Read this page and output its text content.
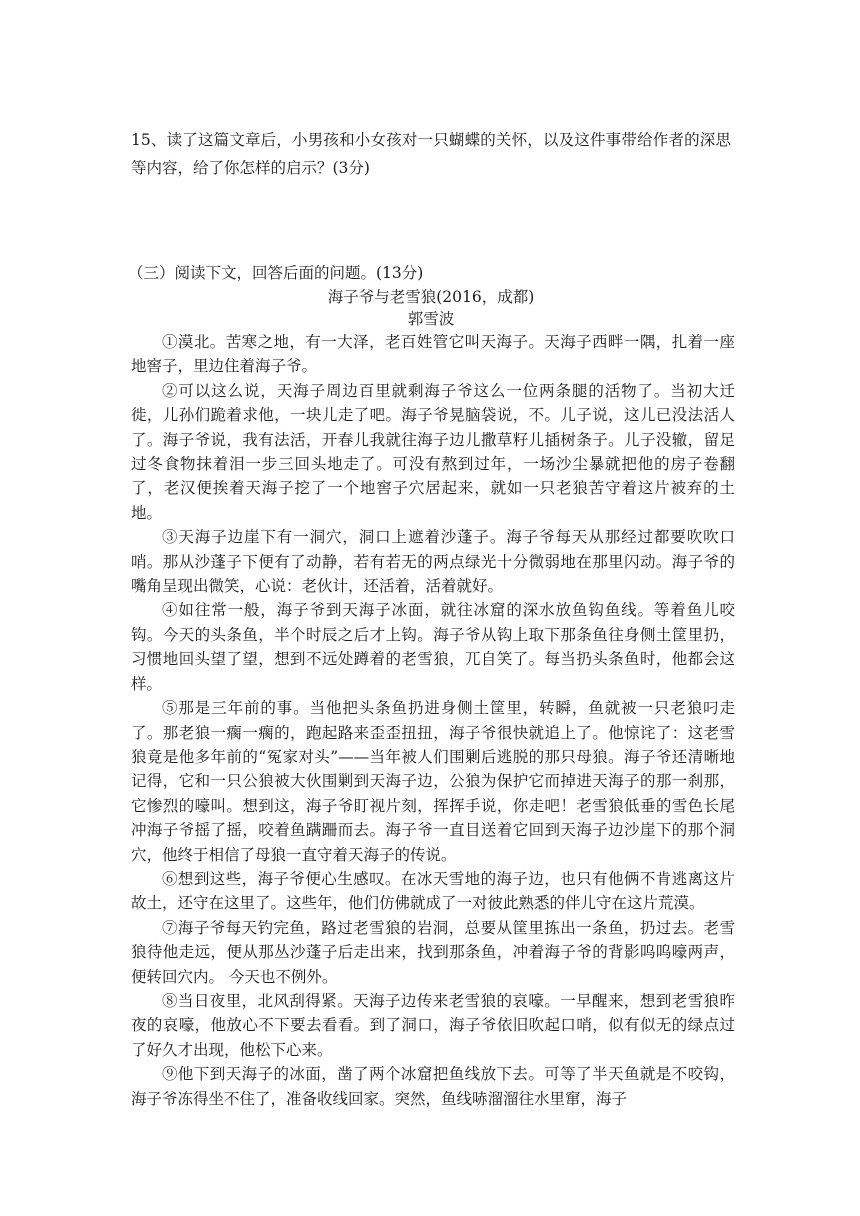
15、读了这篇文章后，小男孩和小女孩对一只蝴蝶的关怀，以及这件事带给作者的深思等内容，给了你怎样的启示？(3分)
（三）阅读下文，回答后面的问题。(13分)
海子爷与老雪狼(2016，成都)
郭雪波

①漠北。苦寒之地，有一大泽，老百姓管它叫天海子。天海子西畔一隅，扎着一座地窖子，里边住着海子爷。

②可以这么说，天海子周边百里就剩海子爷这么一位两条腿的活物了。当初大迁徙，儿孙们跪着求他，一块儿走了吧。海子爷晃脑袋说，不。儿子说，这儿已没法活人了。海子爷说，我有法活，开春儿我就往海子边儿撒草籽儿插树条子。儿子没辙，留足过冬食物抹着泪一步三回头地走了。可没有熬到过年，一场沙尘暴就把他的房子卷翻了，老汉便挨着天海子挖了一个地窖子穴居起来，就如一只老狼苦守着这片被弃的土地。

③天海子边崖下有一洞穴，洞口上遮着沙蓬子。海子爷每天从那经过都要吹吹口哨。那从沙蓬子下便有了动静，若有若无的两点绿光十分微弱地在那里闪动。海子爷的嘴角呈现出微笑，心说：老伙计，还活着，活着就好。

④如往常一般，海子爷到天海子冰面，就往冰窟的深水放鱼钩鱼线。等着鱼儿咬钩。今天的头条鱼，半个时辰之后才上钩。海子爷从钩上取下那条鱼往身侧土筐里扔，习惯地回头望了望，想到不远处蹲着的老雪狼，兀自笑了。每当扔头条鱼时，他都会这样。

⑤那是三年前的事。当他把头条鱼扔进身侧土筐里，转瞬，鱼就被一只老狼叼走了。那老狼一瘸一瘸的，跑起路来歪歪扭扭，海子爷很快就追上了。他惊诧了：这老雪狼竟是他多年前的“冤家对头”——当年被人们围剿后逃脱的那只母狼。海子爷还清晰地记得，它和一只公狼被大伙围剿到天海子边，公狼为保护它而掉进天海子的那一刹那，它惨烈的嚎叫。想到这，海子爷盯视片刻，挥挥手说，你走吧！老雪狼低垂的雪色长尾冲海子爷摇了摇，咬着鱼蹒跚而去。海子爷一直目送着它回到天海子边沙崖下的那个洞穴，他终于相信了母狼一直守着天海子的传说。

⑥想到这些，海子爷便心生感叹。在冰天雪地的海子边，也只有他俩不肯逃离这片故土，还守在这里了。这些年，他们仿佛就成了一对彼此熟悉的伴儿守在这片荒漠。

⑦海子爷每天钓完鱼，路过老雪狼的岩洞，总要从筐里拣出一条鱼，扔过去。老雪狼待他走远，便从那丛沙蓬子后走出来，找到那条鱼，冲着海子爷的背影呜呜嚎两声，便转回穴内。 今天也不例外。

⑧当日夜里，北风刮得紧。天海子边传来老雪狼的哀嚎。一早醒来，想到老雪狼昨夜的哀嚎，他放心不下要去看看。到了洞口，海子爷依旧吹起口哨，似有似无的绿点过了好久才出现，他松下心来。

⑨他下到天海子的冰面，凿了两个冰窟把鱼线放下去。可等了半天鱼就是不咬钩，海子爷冻得坐不住了，准备收线回家。突然，鱼线哧溜溜往水里窜，海子
